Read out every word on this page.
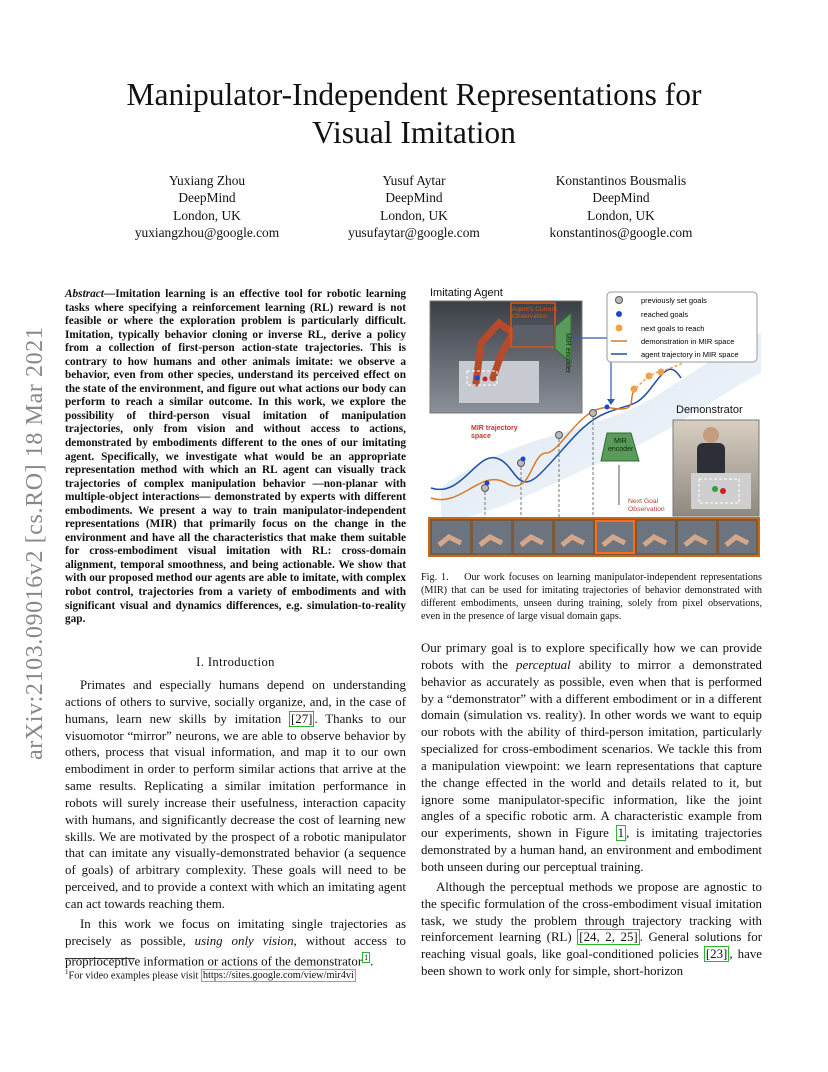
Manipulator-Independent Representations for
Visual Imitation
Yuxiang Zhou
DeepMind
London, UK
yuxiangzhou@google.com
Yusuf Aytar
DeepMind
London, UK
yusufaytar@google.com
Konstantinos Bousmalis
DeepMind
London, UK
konstantinos@google.com
arXiv:2103.09016v2 [cs.RO] 18 Mar 2021
Abstract—Imitation learning is an effective tool for robotic learning tasks where specifying a reinforcement learning (RL) reward is not feasible or where the exploration problem is particularly difficult. Imitation, typically behavior cloning or inverse RL, derive a policy from a collection of first-person action-state trajectories. This is contrary to how humans and other animals imitate: we observe a behavior, even from other species, understand its perceived effect on the state of the environment, and figure out what actions our body can perform to reach a similar outcome. In this work, we explore the possibility of third-person visual imitation of manipulation trajectories, only from vision and without access to actions, demonstrated by embodiments different to the ones of our imitating agent. Specifically, we investigate what would be an appropriate representation method with which an RL agent can visually track trajectories of complex manipulation behavior —non-planar with multiple-object interactions— demonstrated by experts with different embodiments. We present a way to train manipulator-independent representations (MIR) that primarily focus on the change in the environment and have all the characteristics that make them suitable for cross-embodiment visual imitation with RL: cross-domain alignment, temporal smoothness, and being actionable. We show that with our proposed method our agents are able to imitate, with complex robot control, trajectories from a variety of embodiments and with significant visual and dynamics differences, e.g. simulation-to-reality gap.
I. Introduction

Primates and especially humans depend on understanding actions of others to survive, socially organize, and, in the case of humans, learn new skills by imitation [27] . Thanks to our visuomotor “mirror” neurons, we are able to observe behavior by others, process that visual information, and map it to our own embodiment in order to perform similar actions that arrive at the same results. Replicating a similar imitation performance in robots will surely increase their usefulness, interaction capacity with humans, and significantly decrease the cost of learning new skills. We are motivated by the prospect of a robotic manipulator that can imitate any visually-demonstrated behavior (a sequence of goals) of arbitrary complexity. These goals will need to be perceived, and to provide a context with which an imitating agent can act towards reaching them.

In this work we focus on imitating single trajectories as precisely as possible, using only vision, without access to proprioceptive information or actions of the demonstrator $^1$ .

$^1$For video examples please visit https://sites.google.com/view/mir4vi
Imitating Agent
Agent's Current Observation
MIR encoder
previously set goals
reached goals
next goals to reach
demonstration in MIR space
agent trajectory in MIR space
MIR trajectory space
MIR encoder
Next Goal Observation
Demonstrator
Fig. 1. Our work focuses on learning manipulator-independent representations (MIR) that can be used for imitating trajectories of behavior demonstrated with different embodiments, unseen during training, solely from pixel observations, even in the presence of large visual domain gaps.

Our primary goal is to explore specifically how we can provide robots with the perceptual ability to mirror a demonstrated behavior as accurately as possible, even when that is performed by a “demonstrator” with a different embodiment or in a different domain (simulation vs. reality). In other words we want to equip our robots with the ability of third-person imitation, particularly specialized for cross-embodiment scenarios. We tackle this from a manipulation viewpoint: we learn representations that capture the change effected in the world and details related to it, but ignore some manipulator-specific information, like the joint angles of a specific robotic arm. A characteristic example from our experiments, shown in Figure 1 , is imitating trajectories demonstrated by a human hand, an environment and embodiment both unseen during our perceptual training.

Although the perceptual methods we propose are agnostic to the specific formulation of the cross-embodiment visual imitation task, we study the problem through trajectory tracking with reinforcement learning (RL) [24, 2, 25] . General solutions for reaching visual goals, like goal-conditioned policies [23] , have been shown to work only for simple, short-horizon
